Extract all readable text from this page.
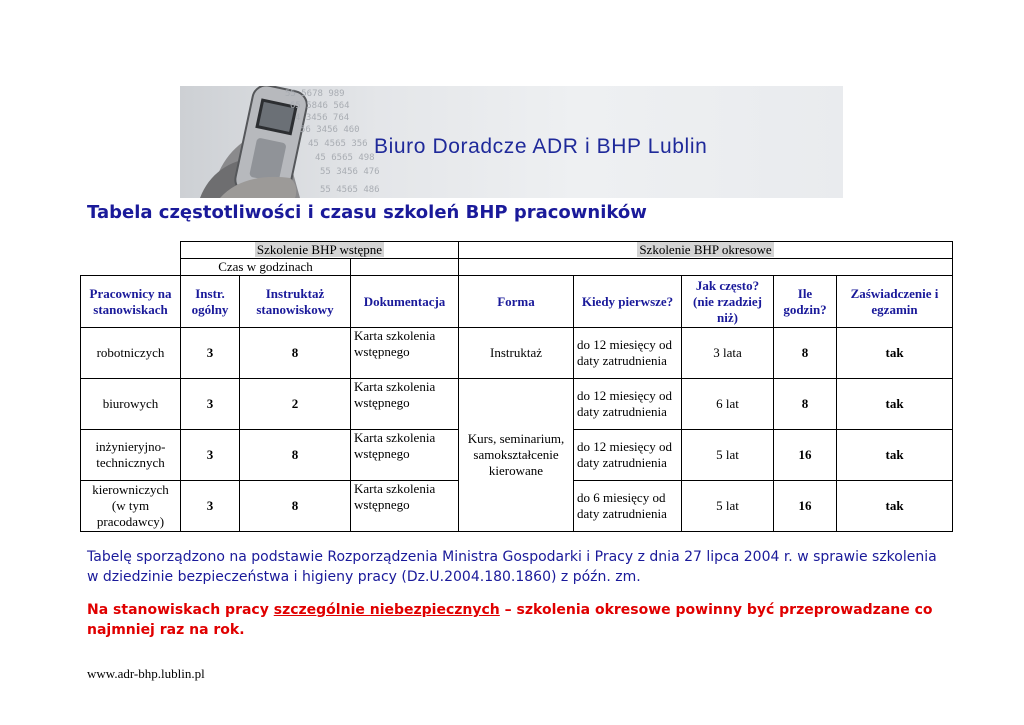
55 5678 989
65 5846 564
4 3456 764
56 3456 460
45 4565 356
45 6565 498
55 3456 476
55 4565 486
Biuro Doradcze ADR i BHP Lublin
Tabela częstotliwości i czasu szkoleń BHP pracowników
	Szkolenie BHP wstępne			Szkolenie BHP okresowe				
	Czas w godzinach							
Pracownicy na stanowiskach	Instr. ogólny	Instruktaż stanowiskowy	Dokumentacja	Forma	Kiedy pierwsze?	Jak często? (nie rzadziej niż)	Ile godzin?	Zaświadczenie i egzamin
robotniczych	3	8	Karta szkolenia wstępnego	Instruktaż	do 12 miesięcy od daty zatrudnienia	3 lata	8	tak
biurowych	3	2	Karta szkolenia wstępnego	Kurs, seminarium, samokształcenie kierowane	do 12 miesięcy od daty zatrudnienia	6 lat	8	tak
inżynieryjno-technicznych	3	8	Karta szkolenia wstępnego		do 12 miesięcy od daty zatrudnienia	5 lat	16	tak
kierowniczych (w tym pracodawcy)	3	8	Karta szkolenia wstępnego		do 6 miesięcy od daty zatrudnienia	5 lat	16	tak
Tabelę sporządzono na podstawie Rozporządzenia Ministra Gospodarki i Pracy z dnia 27 lipca 2004 r. w sprawie szkolenia w dziedzinie bezpieczeństwa i higieny pracy (Dz.U.2004.180.1860) z późn. zm.
Na stanowiskach pracy szczególnie niebezpiecznych – szkolenia okresowe powinny być przeprowadzane co najmniej raz na rok.
www.adr-bhp.lublin.pl
